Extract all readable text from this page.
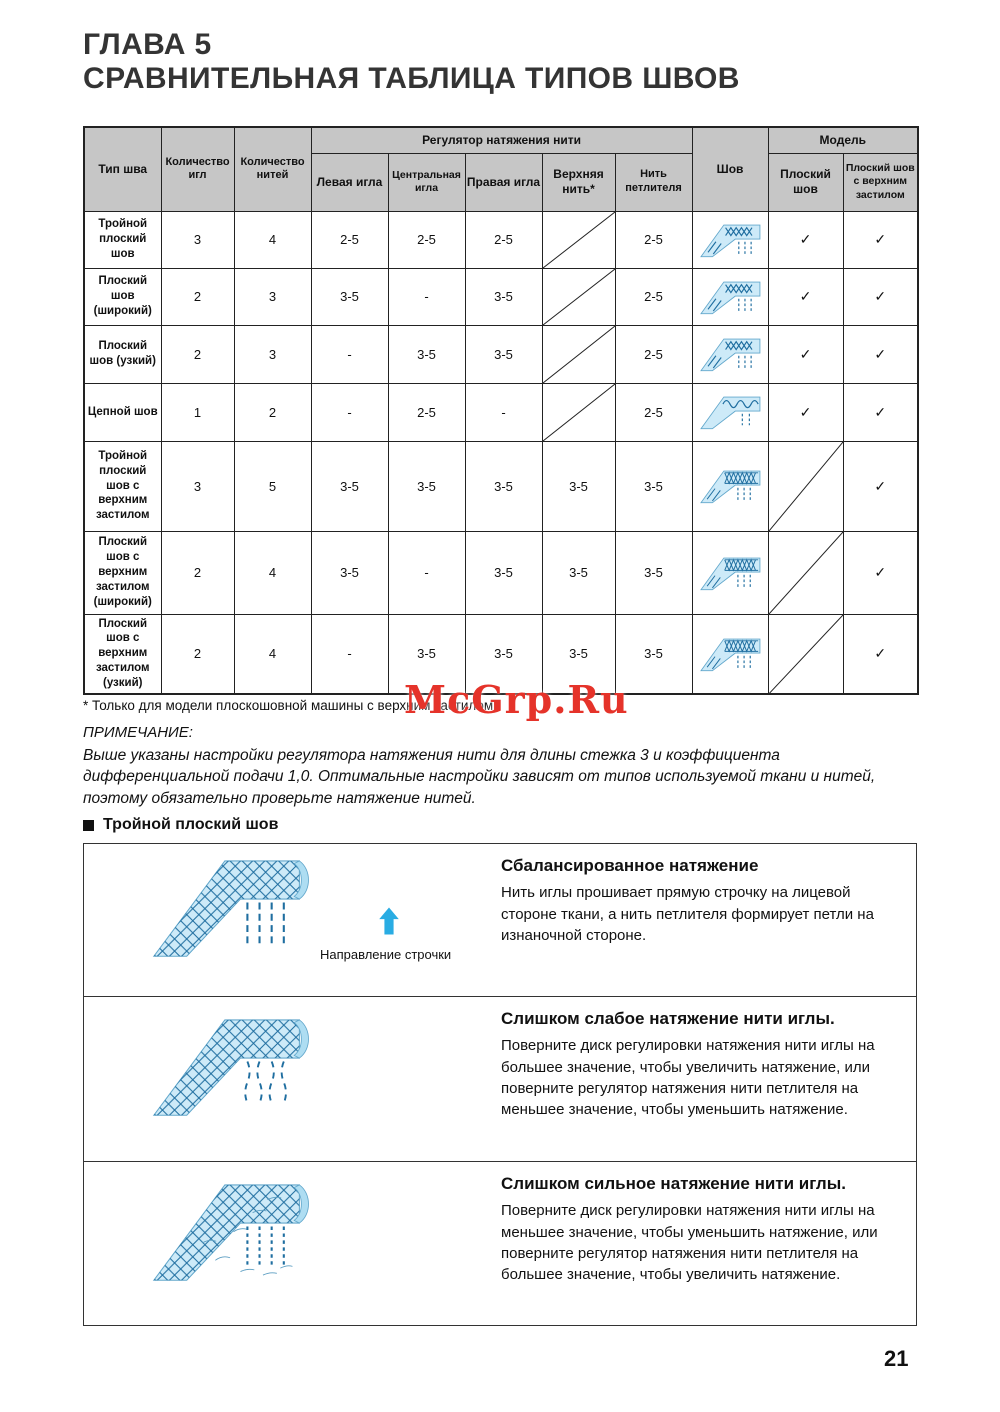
ГЛАВА 5
СРАВНИТЕЛЬНАЯ ТАБЛИЦА ТИПОВ ШВОВ
Тип шва	Количество игл	Количество нитей	Регулятор натяжения нити					Шов	Модель	
			Левая игла	Центральная игла	Правая игла	Верхняя нить*	Нить петлителя		Плоский шов	Плоский шов с верхним застилом
Тройной плоский шов	3	4	2-5	2-5	2-5		2-5		✓	✓
Плоский шов (широкий)	2	3	3-5	-	3-5		2-5		✓	✓
Плоский шов (узкий)	2	3	-	3-5	3-5		2-5		✓	✓
Цепной шов	1	2	-	2-5	-		2-5		✓	✓
Тройной плоский шов с верхним застилом	3	5	3-5	3-5	3-5	3-5	3-5			✓
Плоский шов с верхним застилом (широкий)	2	4	3-5	-	3-5	3-5	3-5			✓
Плоский шов с верхним застилом (узкий)	2	4	-	3-5	3-5	3-5	3-5			✓
* Только для модели плоскошовной машины с верхним застилом.
McGrp.Ru
ПРИМЕЧАНИЕ:
Выше указаны настройки регулятора натяжения нити для длины стежка 3 и коэффициента дифференциальной подачи 1,0. Оптимальные настройки зависят от типов используемой ткани и нитей, поэтому обязательно проверьте натяжение нитей.
Тройной плоский шов
Направление строчки
Сбалансированное натяжение

Нить иглы прошивает прямую строчку на лицевой стороне ткани, а нить петлителя формирует петли на изнаночной стороне.

Слишком слабое натяжение нити иглы.

Поверните диск регулировки натяжения нити иглы на большее значение, чтобы увеличить натяжение, или поверните регулятор натяжения нити петлителя на меньшее значение, чтобы уменьшить натяжение.

Слишком сильное натяжение нити иглы.

Поверните диск регулировки натяжения нити иглы на меньшее значение, чтобы уменьшить натяжение, или поверните регулятор натяжения нити петлителя на большее значение, чтобы увеличить натяжение.

21
